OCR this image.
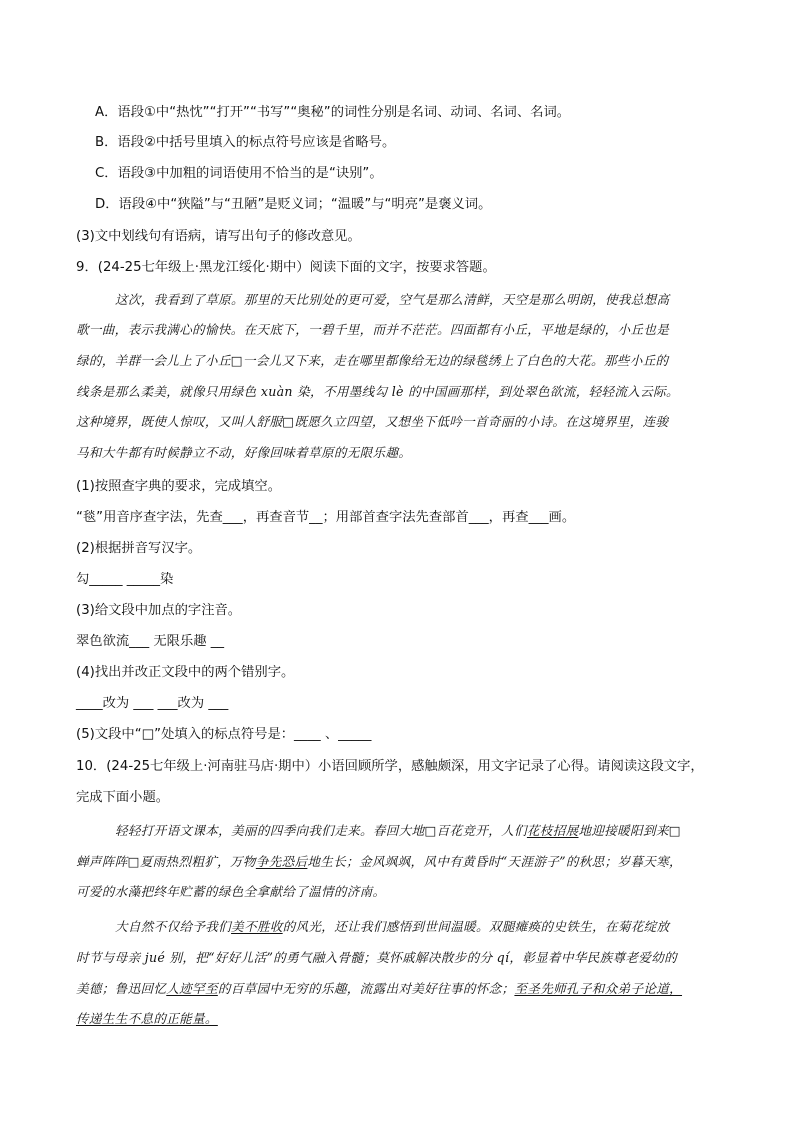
A．语段①中“热忱”“打开”“书写”“奥秘”的词性分别是名词、动词、名词、名词。
B．语段②中括号里填入的标点符号应该是省略号。
C．语段③中加粗的词语使用不恰当的是“诀别”。
D．语段④中“狭隘”与“丑陋”是贬义词；“温暖”与“明亮”是褒义词。
(3)文中划线句有语病，请写出句子的修改意见。
9．(24-25七年级上·黑龙江绥化·期中）阅读下面的文字，按要求答题。
这次，我看到了草原。那里的天比别处的更可爱，空气是那么清鲜，天空是那么明朗，使我总想高
歌一曲，表示我满心的愉快。在天底下，一碧千里，而并不茫茫。四面都有小丘，平地是绿的，小丘也是
绿的，羊群一会儿上了小丘□一会儿又下来，走在哪里都像给无边的绿毯绣上了白色的大花。那些小丘的
线条是那么柔美，就像只用绿色 xuàn 染，不用墨线勾 lè 的中国画那样，到处翠色欲流，轻轻流入云际。
这种境界，既使人惊叹，又叫人舒服□既愿久立四望，又想坐下低吟一首奇丽的小诗。在这境界里，连骏
马和大牛都有时候静立不动，好像回味着草原的无限乐趣。
(1)按照查字典的要求，完成填空。
“毯”用音序查字法，先查___，再查音节__；用部首查字法先查部首___，再查___画。
(2)根据拼音写汉字。
勾_____ _____染
(3)给文段中加点的字注音。
翠色欲流___ 无限乐趣 __
(4)找出并改正文段中的两个错别字。
____改为 ___ ___改为 ___
(5)文段中“□”处填入的标点符号是：____ 、_____
10．(24-25七年级上·河南驻马店·期中）小语回顾所学，感触颇深，用文字记录了心得。请阅读这段文字，
完成下面小题。
轻轻打开语文课本，美丽的四季向我们走来。春回大地□百花竞开，人们花枝招展地迎接暖阳到来□
蝉声阵阵□夏雨热烈粗犷，万物争先恐后地生长；金风飒飒，风中有黄昏时“天涯游子”的秋思；岁暮天寒，
可爱的水藻把终年贮蓄的绿色全拿献给了温情的济南。
大自然不仅给予我们美不胜收的风光，还让我们感悟到世间温暖。双腿瘫痪的史铁生，在菊花绽放
时节与母亲 jué 别，把“好好儿活”的勇气融入骨髓；莫怀戚解决散步的分 qí，彰显着中华民族尊老爱幼的
美德；鲁迅回忆人迹罕至的百草园中无穷的乐趣，流露出对美好往事的怀念；至圣先师孔子和众弟子论道，
传递生生不息的正能量。
